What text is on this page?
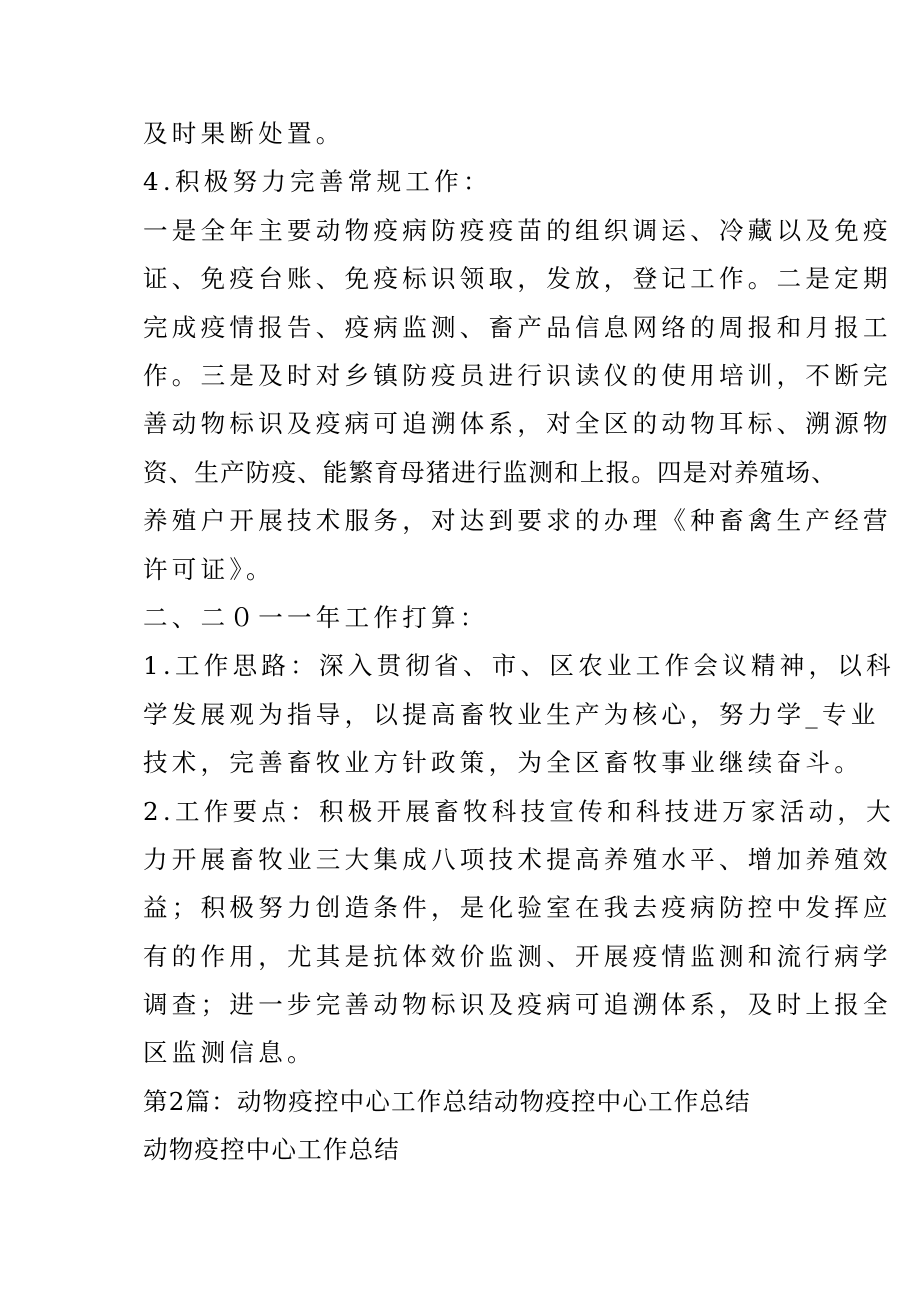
及时果断处置。

4.积极努力完善常规工作：

一是全年主要动物疫病防疫疫苗的组织调运、冷藏以及免疫

证、免疫台账、免疫标识领取，发放，登记工作。二是定期

完成疫情报告、疫病监测、畜产品信息网络的周报和月报工

作。三是及时对乡镇防疫员进行识读仪的使用培训，不断完

善动物标识及疫病可追溯体系，对全区的动物耳标、溯源物

资、生产防疫、能繁育母猪进行监测和上报。四是对养殖场、

养殖户开展技术服务，对达到要求的办理《种畜禽生产经营

许可证》。

二、二０一一年工作打算：

1.工作思路：深入贯彻省、市、区农业工作会议精神，以科

学发展观为指导，以提高畜牧业生产为核心，努力学_专业

技术，完善畜牧业方针政策，为全区畜牧事业继续奋斗。

2.工作要点：积极开展畜牧科技宣传和科技进万家活动，大

力开展畜牧业三大集成八项技术提高养殖水平、增加养殖效

益；积极努力创造条件，是化验室在我去疫病防控中发挥应

有的作用，尤其是抗体效价监测、开展疫情监测和流行病学

调查；进一步完善动物标识及疫病可追溯体系，及时上报全

区监测信息。

第2篇：动物疫控中心工作总结动物疫控中心工作总结

动物疫控中心工作总结
